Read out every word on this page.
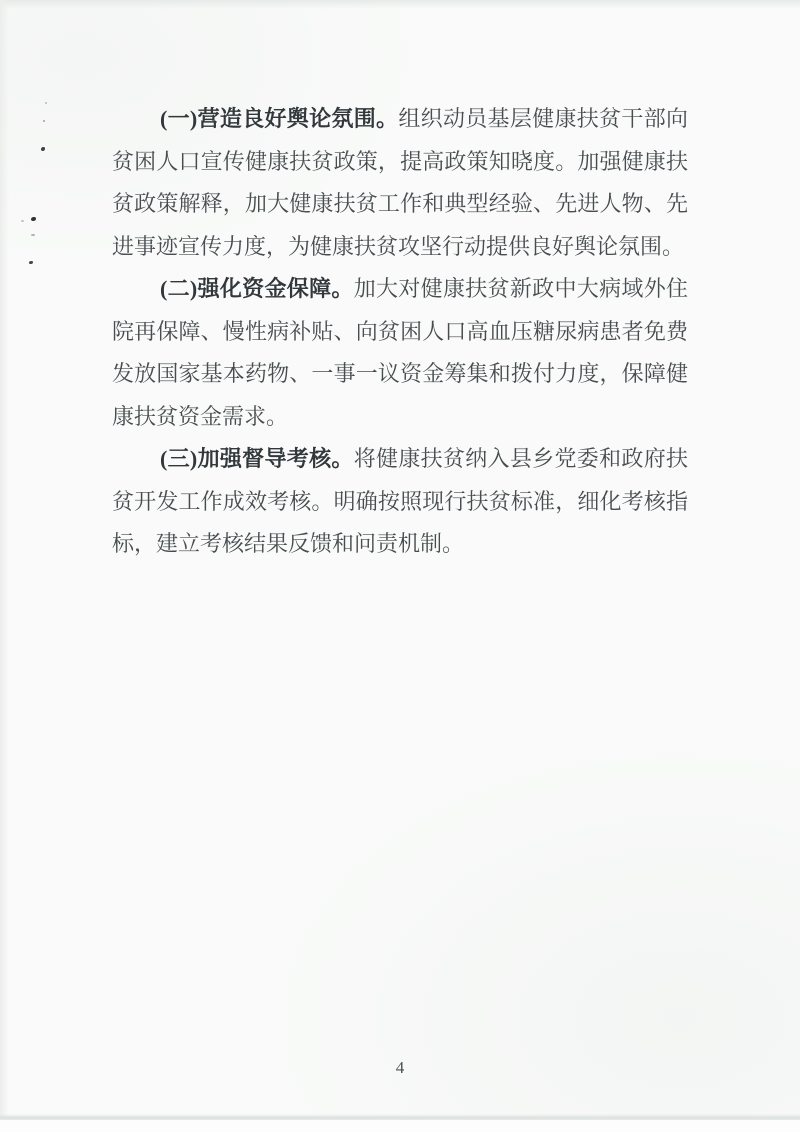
(一)营造良好舆论氛围。组织动员基层健康扶贫干部向
贫困人口宣传健康扶贫政策，提高政策知晓度。加强健康扶
贫政策解释，加大健康扶贫工作和典型经验、先进人物、先
进事迹宣传力度，为健康扶贫攻坚行动提供良好舆论氛围。
(二)强化资金保障。加大对健康扶贫新政中大病域外住
院再保障、慢性病补贴、向贫困人口高血压糖尿病患者免费
发放国家基本药物、一事一议资金筹集和拨付力度，保障健
康扶贫资金需求。
(三)加强督导考核。将健康扶贫纳入县乡党委和政府扶
贫开发工作成效考核。明确按照现行扶贫标准，细化考核指
标，建立考核结果反馈和问责机制。
4
